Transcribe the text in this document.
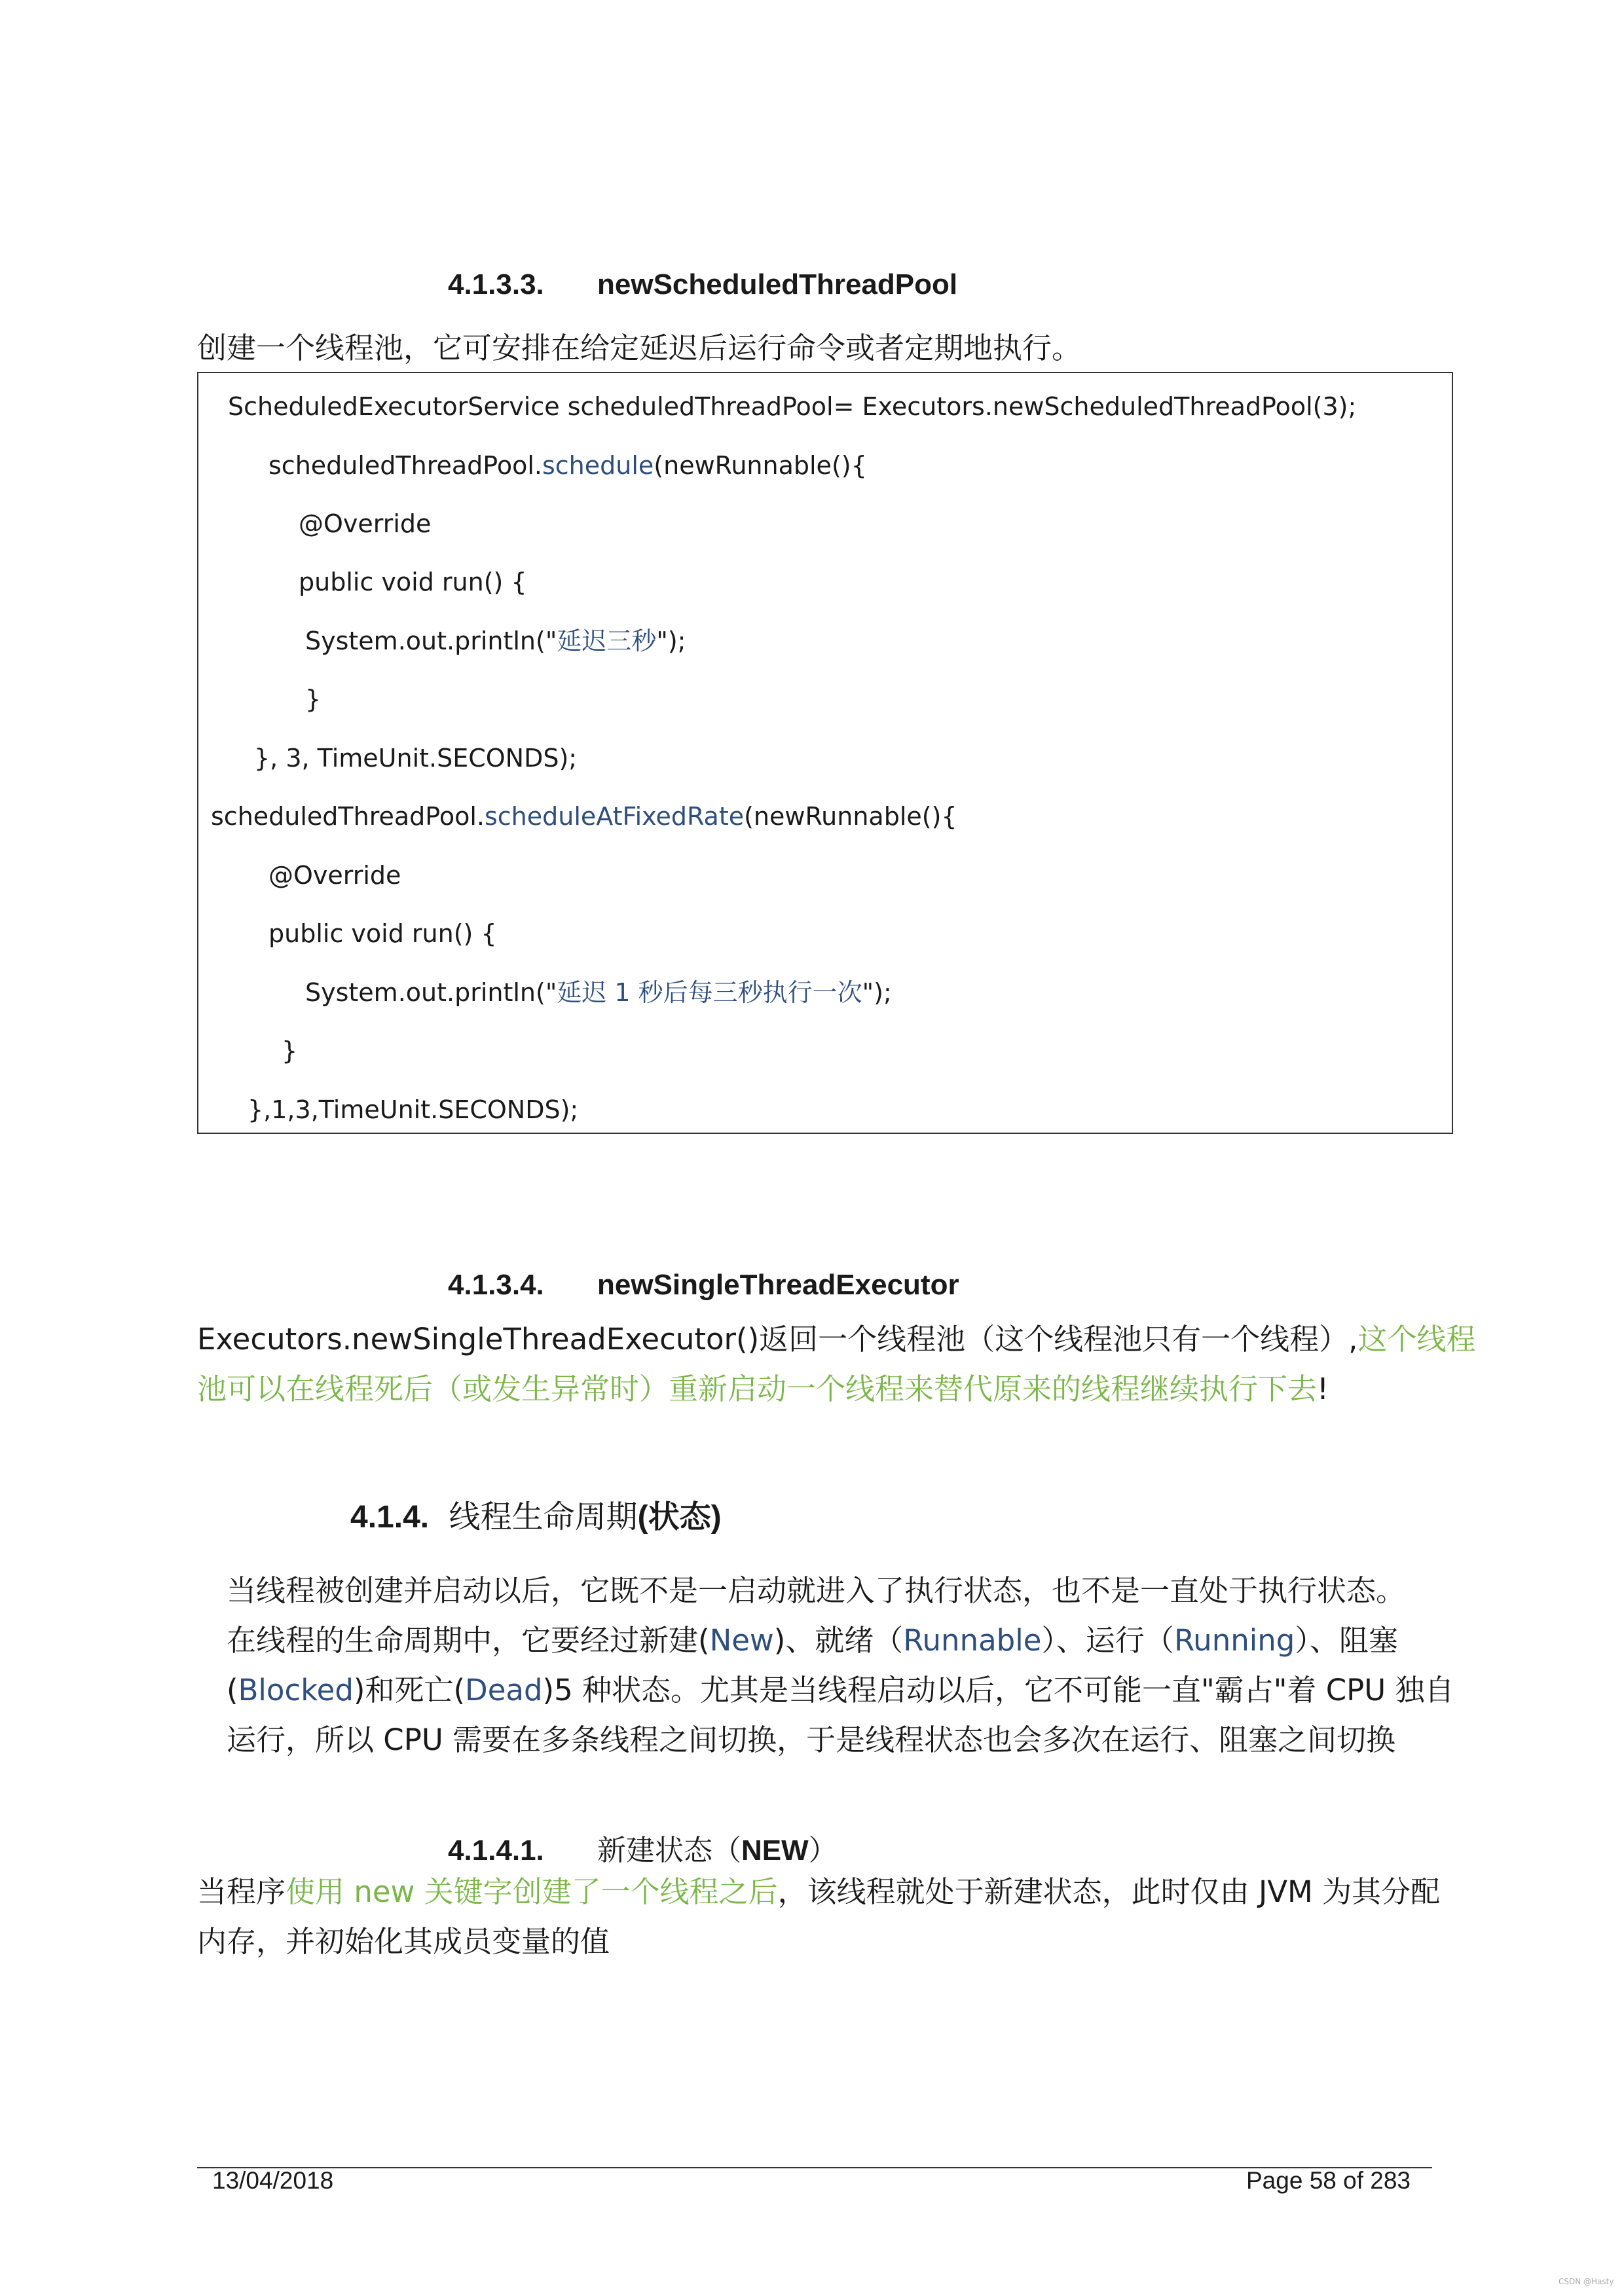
4.1.3.3. newScheduledThreadPool
创建一个线程池，它可安排在给定延迟后运行命令或者定期地执行。
ScheduledExecutorService scheduledThreadPool= Executors.newScheduledThreadPool(3);
scheduledThreadPool.schedule(newRunnable(){
@Override
public void run() {
System.out.println("延迟三秒");
}
}, 3, TimeUnit.SECONDS);
scheduledThreadPool.scheduleAtFixedRate(newRunnable(){
@Override
public void run() {
System.out.println("延迟 1 秒后每三秒执行一次");
}
},1,3,TimeUnit.SECONDS);
4.1.3.4. newSingleThreadExecutor
Executors.newSingleThreadExecutor()返回一个线程池（这个线程池只有一个线程）,这个线程
池可以在线程死后（或发生异常时）重新启动一个线程来替代原来的线程继续执行下去!
4.1.4. 线程生命周期(状态)
当线程被创建并启动以后，它既不是一启动就进入了执行状态，也不是一直处于执行状态。
在线程的生命周期中，它要经过新建(New)、就绪（Runnable）、运行（Running）、阻塞
(Blocked)和死亡(Dead)5 种状态。尤其是当线程启动以后，它不可能一直"霸占"着 CPU 独自
运行，所以 CPU 需要在多条线程之间切换，于是线程状态也会多次在运行、阻塞之间切换
4.1.4.1. 新建状态（NEW）
当程序使用 new 关键字创建了一个线程之后，该线程就处于新建状态，此时仅由 JVM 为其分配
内存，并初始化其成员变量的值
13/04/2018	Page 58 of 283
CSDN @Hasty
